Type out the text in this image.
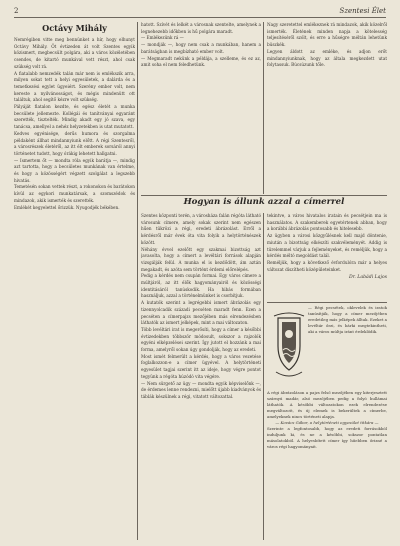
2	Szentesi Élet
Octávy Mihály

Nemrégiben vitte meg bennünket a hír, hogy elhunyt Octávy Mihály. Öt évtizeden át volt Szentes egyik közismert, megbecsült polgára, aki a város közéletében csendes, de kitartó munkával vett részt, ahol csak szükség volt rá.

A fiatalabb nemzedék talán már nem is emlékszik arra, milyen sokat tett a helyi egyesületek, a dalárda és a temetkezési egylet ügyeiért. Szerény ember volt, nem kereste a nyilvánosságot, és mégis mindenütt ott találtuk, ahol segítő kézre volt szükség.

Pályáját fiatalon kezdte, és egész életét a munka becsülete jellemezte. Kollégái és tanítványai egyaránt szerették, tisztelték. Mindig akadt egy jó szava, egy tanácsa, amellyel a nehéz helyzetekben is utat mutatott.

Kedves egyénisége, derűs humora és szorgalma példaként állhat mindannyiunk előtt. A régi Szentesről, a városrészek életéről, az itt élt emberek sorsáról annyi történetet tudott, hogy órákig lehetett hallgatni.

— Ismertem őt — mondta róla egyik barátja —, mindig azt tartotta, hogy a becsületes munkának van értelme, és hogy a közösségért végzett szolgálat a legszebb hivatás.

Temetésén sokan vettek részt, a rokonokon és barátokon kívül az egykori munkatársak, a szomszédok és mindazok, akik ismerték és szerették.

Emlékét kegyelettel őrizzük. Nyugodjék békében.

hatott. Szívét és lelkét a városnak szentelte, amelynek a legnehezebb időkben is hű polgára maradt.

— Emlékezünk rá —

— mondják —, hogy nem csak a munkában, hanem a barátságban is megbízható ember volt.

— Megmaradt nekünk a példája, a szelleme, és ez az, amit soha el nem feledhetünk.

Nagy szeretettel emlékeznek rá mindazok, akik közelről ismerték. Életének minden napja a kötelesség teljesítéséről szólt, és erre a hűségre méltán lehetünk büszkék.

Legyen áldott az emléke, és adjon erőt mindannyiunknak, hogy az általa megkezdett utat folytassuk. Búcsúzunk tőle.

Hogyan is állunk azzal a címerrel

Szentes központi terén, a városháza falán régóta látható városunk címere, amely sokak szerint nem egészen hűen tükrözi a régi, eredeti ábrázolást. Erről a kérdésről már évek óta vita folyik a helytörténészek között.

Néhány évvel ezelőtt egy szakmai bizottság azt javasolta, hogy a címert a levéltári források alapján vizsgálják felül. A munka el is kezdődött, ám aztán megakadt, és azóta sem történt érdemi előrelépés.

Pedig a kérdés nem csupán formai. Egy város címere a múltjáról, az itt élők hagyományairól és közösségi identitásáról tanúskodik. Ha hibás formában használjuk, azzal a történelmünket is csorbítjuk.

A kutatók szerint a legrégebbi ismert ábrázolás egy tizennyolcadik századi pecséten maradt fenn. Ezen a pecséten a címerpajzs mezőjében más elrendezésben láthatók az ismert jelképek, mint a mai változaton.

Több levéltári irat is megerősíti, hogy a címer a későbbi évtizedekben többször módosult, sokszor a rajzolók egyéni elképzelései szerint. Így jutott el hozzánk a mai forma, amelyről sokan úgy gondolják, hogy az eredeti.

Most ismét felmerült a kérdés, hogy a város vezetése foglalkozzon-e a címer ügyével. A helytörténeti egyesület tagjai szerint itt az ideje, hogy végre pontot tegyünk a régóta húzódó vita végére.

— Nem sürgető az ügy — mondta egyik képviselőnk —, de érdemes lenne rendezni, mielőtt újabb kiadványok és táblák készülnek a régi, vitatott változattal.

tekintve, a város hivatalos iratain és pecsétjein ma is használatos. A szakemberek egyetértenek abban, hogy a korábbi ábrázolás pontosabb és hitelesebb.

Az ügyben a városi közgyűlésnek kell majd döntenie, miután a bizottság elkészíti szakvéleményét. Addig is türelemmel várjuk a fejleményeket, és reméljük, hogy a kérdés méltó megoldást talál.

Reméljük, hogy a következő évfordulóra már a helyes változat díszítheti középületeinket.

Dr. Labádi Lajos

— Régi pecsétek, oklevelek és iratok tanúsítják, hogy a címer mezőjében eredetileg más jelképek álltak. Ezeket a levéltár őrzi, és bárki megtekintheti, aki a város múltja iránt érdeklődik.

A régi ábrázoláson a pajzs felső mezőjében egy kiterjesztett szárnyú madár, alsó mezőjében pedig a folyó hullámai láthatók. A későbbi változatokon ezek elrendezése megváltozott, és új elemek is bekerültek a címerbe, amelyeknek nincs történeti alapja.

— Kovács Gábor, a helytörténeti egyesület titkára —

Szerinte a legfontosabb, hogy az eredeti forrásokból induljunk ki, és ne a későbbi, sokszor pontatlan másolatokból. A helyesbített címer így hűebben őrizné a város régi hagyományait.
